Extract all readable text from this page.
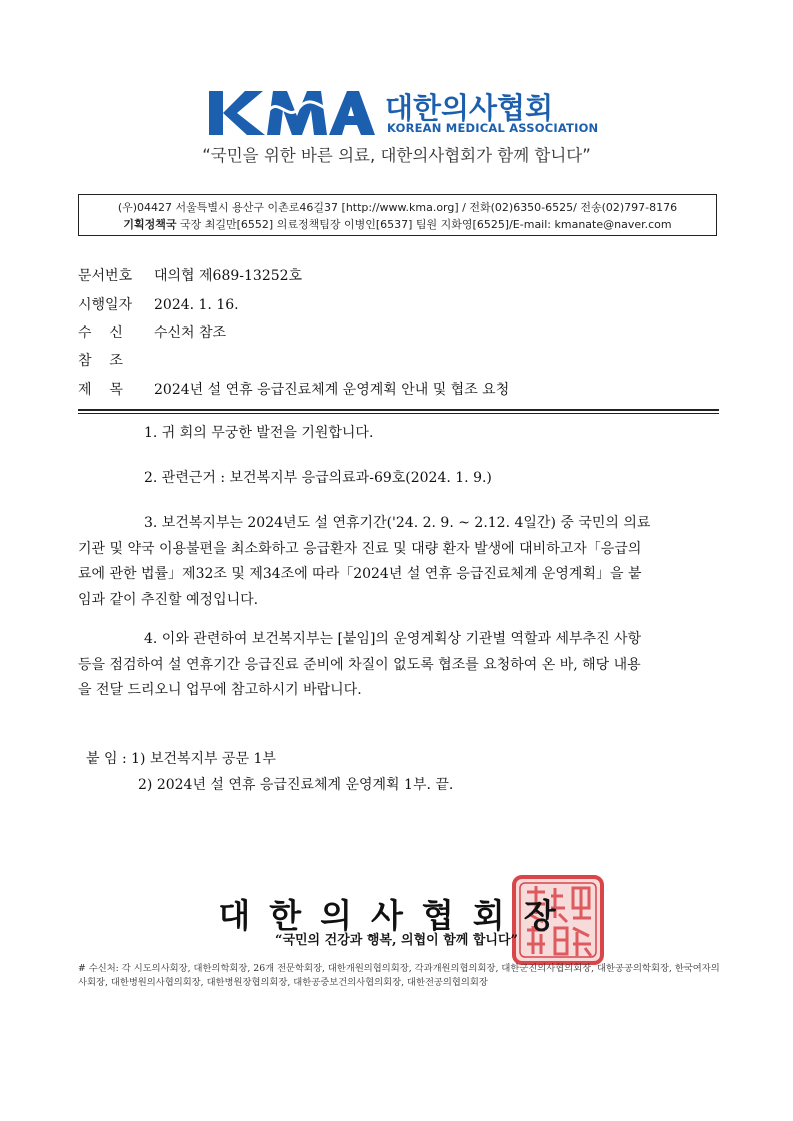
대한의사협회
KOREAN MEDICAL ASSOCIATION
“국민을 위한 바른 의료, 대한의사협회가 함께 합니다”
(우)04427 서울특별시 용산구 이촌로46길37 [http://www.kma.org] / 전화(02)6350-6525/ 전송(02)797-8176
기획정책국 국장 최길만[6552] 의료정책팀장 이병인[6537] 팀원 지화영[6525]/E-mail: kmanate@naver.com
문서번호 대의협 제689-13252호
시행일자 2024. 1. 16.
수    신 수신처 참조
참    조
제    목 2024년 설 연휴 응급진료체계 운영계획 안내 및 협조 요청
1. 귀 회의 무궁한 발전을 기원합니다.
2. 관련근거 : 보건복지부 응급의료과-69호(2024. 1. 9.)
3. 보건복지부는 2024년도 설 연휴기간('24. 2. 9. ~ 2.12. 4일간) 중 국민의 의료
기관 및 약국 이용불편을 최소화하고 응급환자 진료 및 대량 환자 발생에 대비하고자「응급의
료에 관한 법률」제32조 및 제34조에 따라「2024년 설 연휴 응급진료체계 운영계획」을 붙
임과 같이 추진할 예정입니다.
4. 이와 관련하여 보건복지부는 [붙임]의 운영계획상 기관별 역할과 세부추진 사항
등을 점검하여 설 연휴기간 응급진료 준비에 차질이 없도록 협조를 요청하여 온 바, 해당 내용
을 전달 드리오니 업무에 참고하시기 바랍니다.
붙 임 : 1) 보건복지부 공문 1부
2) 2024년 설 연휴 응급진료체계 운영계획 1부. 끝.
대한의사협회장
“국민의 건강과 행복, 의협이 함께 합니다”
# 수신처: 각 시도의사회장, 대한의학회장, 26개 전문학회장, 대한개원의협의회장, 각과개원의협의회장, 대한군진의사협의회장, 대한공공의학회장, 한국여자의사회장, 대한병원의사협의회장, 대한병원장협의회장, 대한공중보건의사협의회장, 대한전공의협의회장
